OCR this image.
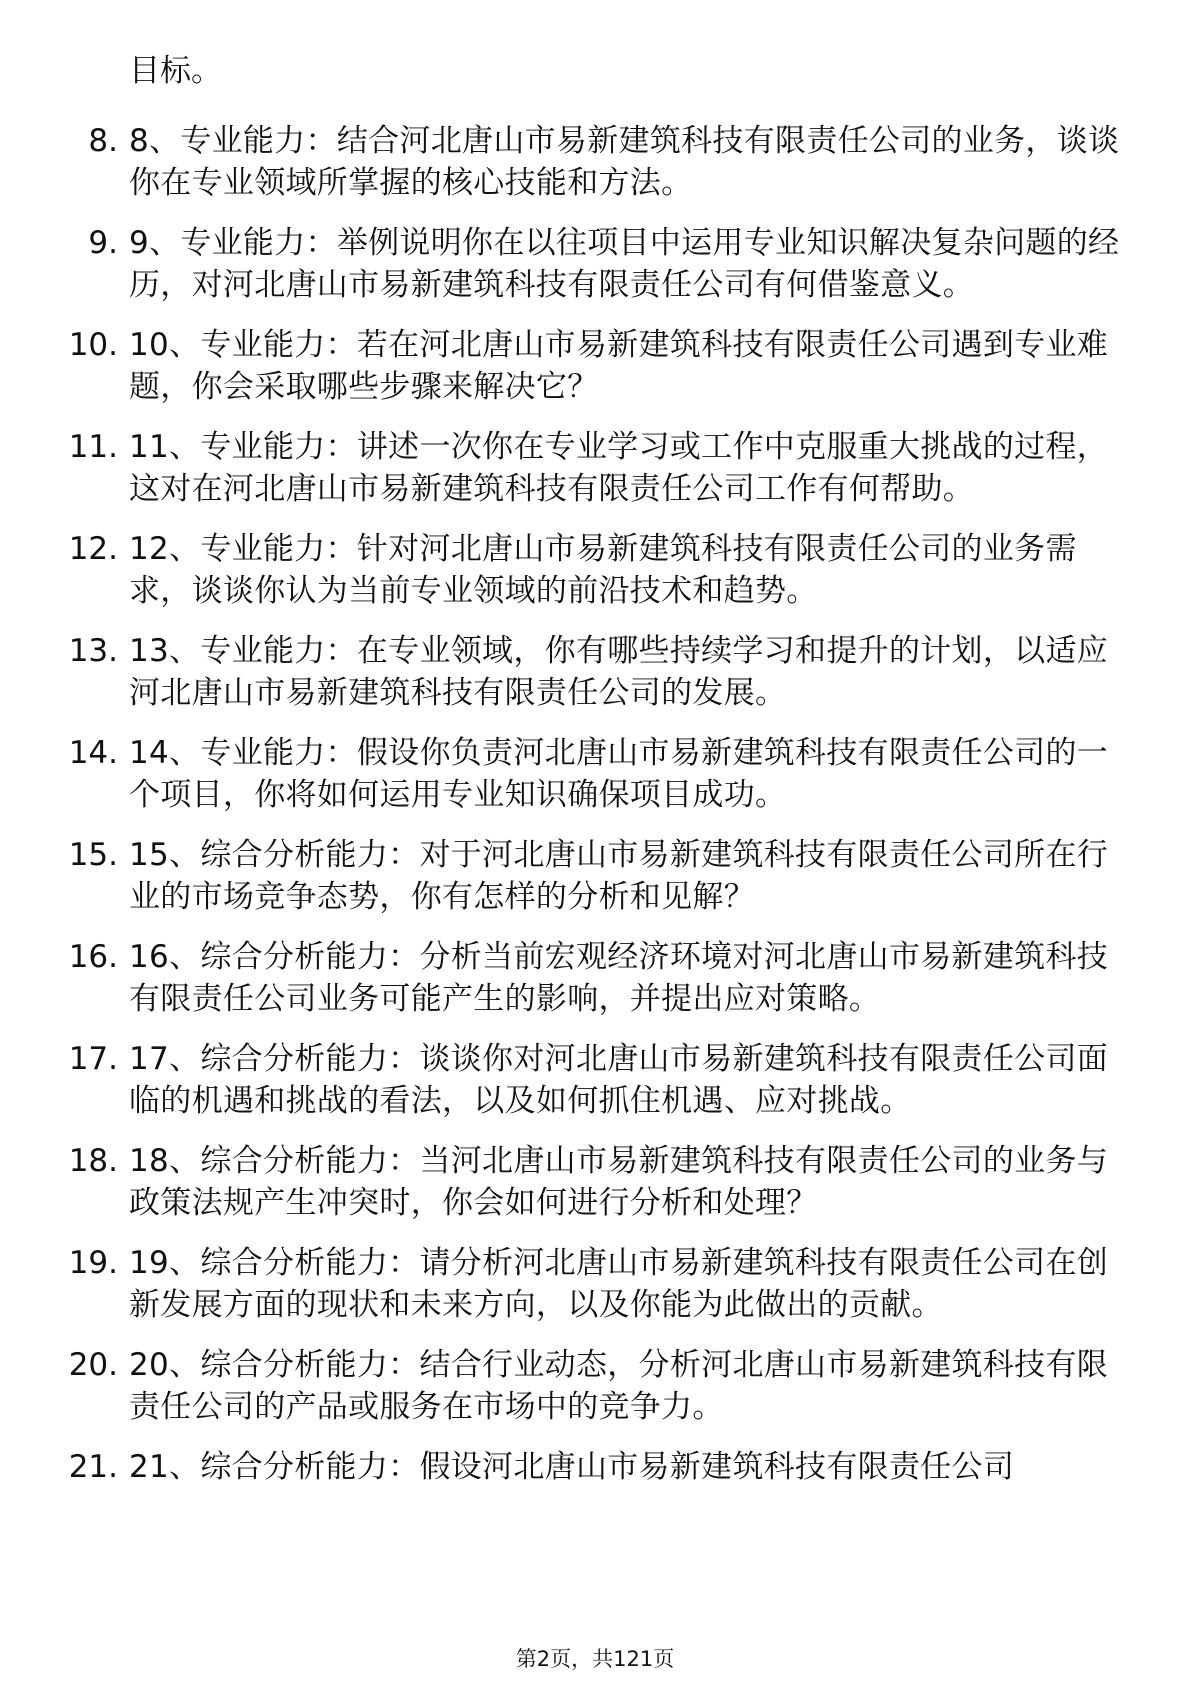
目标。

8. 8、专业能力：结合河北唐山市易新建筑科技有限责任公司的业务，谈谈你在专业领域所掌握的核心技能和方法。
9. 9、专业能力：举例说明你在以往项目中运用专业知识解决复杂问题的经历，对河北唐山市易新建筑科技有限责任公司有何借鉴意义。
10. 10、专业能力：若在河北唐山市易新建筑科技有限责任公司遇到专业难题，你会采取哪些步骤来解决它？
11. 11、专业能力：讲述一次你在专业学习或工作中克服重大挑战的过程，这对在河北唐山市易新建筑科技有限责任公司工作有何帮助。
12. 12、专业能力：针对河北唐山市易新建筑科技有限责任公司的业务需求，谈谈你认为当前专业领域的前沿技术和趋势。
13. 13、专业能力：在专业领域，你有哪些持续学习和提升的计划，以适应河北唐山市易新建筑科技有限责任公司的发展。
14. 14、专业能力：假设你负责河北唐山市易新建筑科技有限责任公司的一个项目，你将如何运用专业知识确保项目成功。
15. 15、综合分析能力：对于河北唐山市易新建筑科技有限责任公司所在行业的市场竞争态势，你有怎样的分析和见解？
16. 16、综合分析能力：分析当前宏观经济环境对河北唐山市易新建筑科技有限责任公司业务可能产生的影响，并提出应对策略。
17. 17、综合分析能力：谈谈你对河北唐山市易新建筑科技有限责任公司面临的机遇和挑战的看法，以及如何抓住机遇、应对挑战。
18. 18、综合分析能力：当河北唐山市易新建筑科技有限责任公司的业务与政策法规产生冲突时，你会如何进行分析和处理？
19. 19、综合分析能力：请分析河北唐山市易新建筑科技有限责任公司在创新发展方面的现状和未来方向，以及你能为此做出的贡献。
20. 20、综合分析能力：结合行业动态，分析河北唐山市易新建筑科技有限责任公司的产品或服务在市场中的竞争力。
21. 21、综合分析能力：假设河北唐山市易新建筑科技有限责任公司
第2页，共121页
